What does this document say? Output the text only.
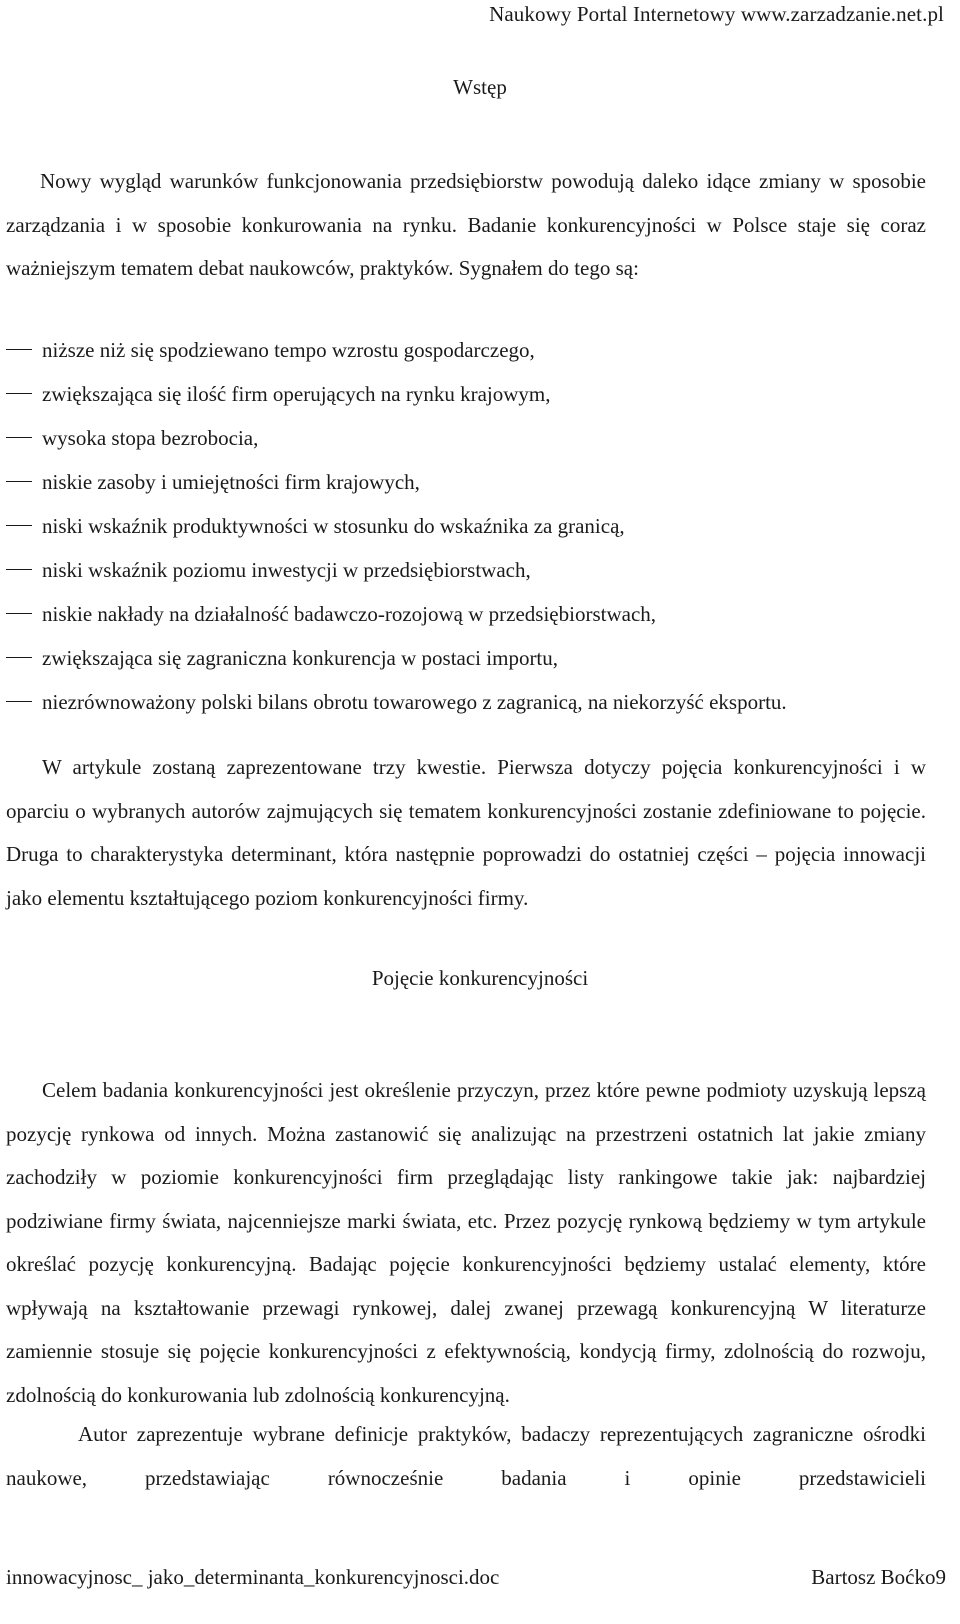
Naukowy Portal Internetowy www.zarzadzanie.net.pl
Wstęp
Nowy wygląd warunków funkcjonowania przedsiębiorstw powodują daleko idące zmiany w sposobie zarządzania i w sposobie konkurowania na rynku. Badanie konkurencyjności w Polsce staje się coraz ważniejszym tematem debat naukowców, praktyków. Sygnałem do tego są:
niższe niż się spodziewano tempo wzrostu gospodarczego,
zwiększająca się ilość firm operujących na rynku krajowym,
wysoka stopa bezrobocia,
niskie zasoby i umiejętności firm krajowych,
niski wskaźnik produktywności w stosunku do wskaźnika za granicą,
niski wskaźnik poziomu inwestycji w przedsiębiorstwach,
niskie nakłady na działalność badawczo-rozojową w przedsiębiorstwach,
zwiększająca się zagraniczna konkurencja w postaci importu,
niezrównoważony polski bilans obrotu towarowego z zagranicą, na niekorzyść eksportu.
W artykule zostaną zaprezentowane trzy kwestie. Pierwsza dotyczy pojęcia konkurencyjności i w oparciu o wybranych autorów zajmujących się tematem konkurencyjności zostanie zdefiniowane to pojęcie. Druga to charakterystyka determinant, która następnie poprowadzi do ostatniej części – pojęcia innowacji jako elementu kształtującego poziom konkurencyjności firmy.
Pojęcie konkurencyjności
Celem badania konkurencyjności jest określenie przyczyn, przez które pewne podmioty uzyskują lepszą pozycję rynkowa od innych. Można zastanowić się analizując na przestrzeni ostatnich lat jakie zmiany zachodziły w poziomie konkurencyjności firm przeglądając listy rankingowe takie jak: najbardziej podziwiane firmy świata, najcenniejsze marki świata, etc. Przez pozycję rynkową będziemy w tym artykule określać pozycję konkurencyjną. Badając pojęcie konkurencyjności będziemy ustalać elementy, które wpływają na kształtowanie przewagi rynkowej, dalej zwanej przewagą konkurencyjną W literaturze zamiennie stosuje się pojęcie konkurencyjności z efektywnością, kondycją firmy, zdolnością do rozwoju, zdolnością do konkurowania lub zdolnością konkurencyjną.
Autor zaprezentuje wybrane definicje praktyków, badaczy reprezentujących zagraniczne ośrodki naukowe, przedstawiając równocześnie badania i opinie przedstawicieli
innowacyjnosc_ jako_determinanta_konkurencyjnosci.doc	Bartosz Boćko9
